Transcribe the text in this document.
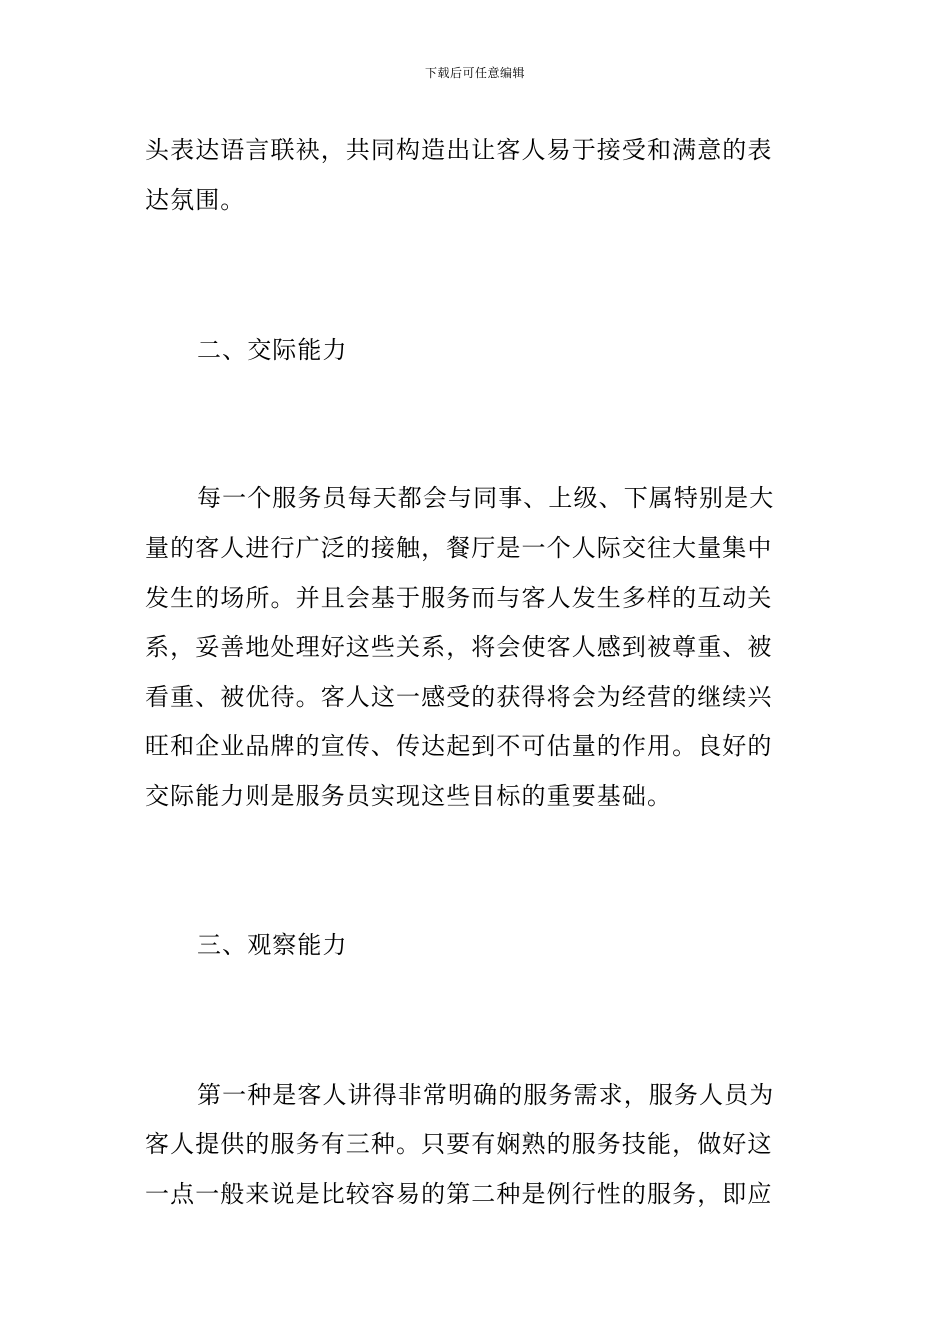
下载后可任意编辑
头表达语言联袂，共同构造出让客人易于接受和满意的表
达氛围。
二、交际能力
每一个服务员每天都会与同事、上级、下属特别是大
量的客人进行广泛的接触，餐厅是一个人际交往大量集中
发生的场所。并且会基于服务而与客人发生多样的互动关
系，妥善地处理好这些关系，将会使客人感到被尊重、被
看重、被优待。客人这一感受的获得将会为经营的继续兴
旺和企业品牌的宣传、传达起到不可估量的作用。良好的
交际能力则是服务员实现这些目标的重要基础。
三、观察能力
第一种是客人讲得非常明确的服务需求，服务人员为
客人提供的服务有三种。只要有娴熟的服务技能，做好这
一点一般来说是比较容易的第二种是例行性的服务，即应
